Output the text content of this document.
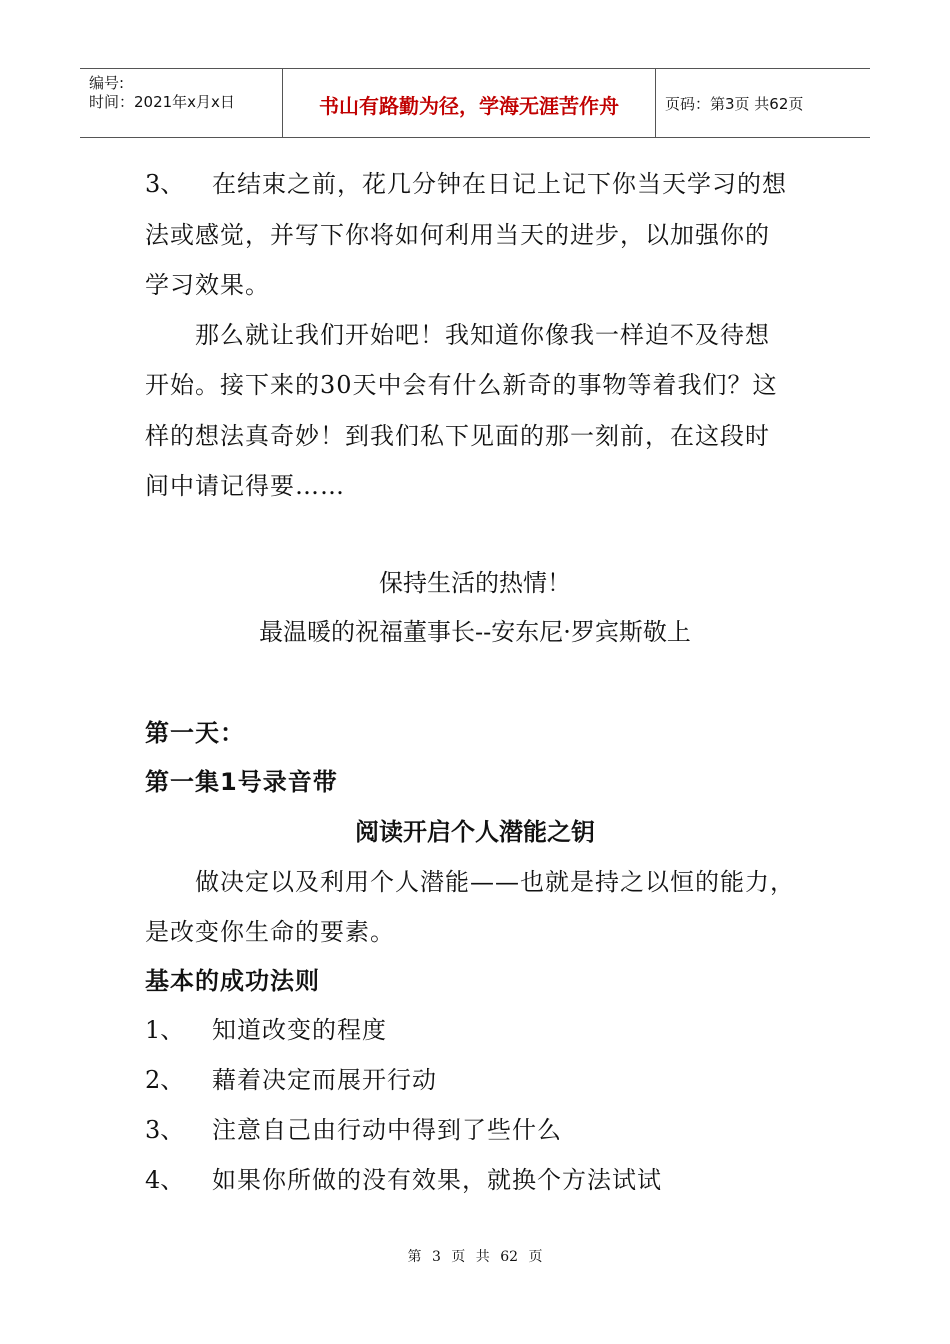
编号:
时间：2021年x月x日	书山有路勤为径，学海无涯苦作舟	页码：第3页 共62页
3、 在结束之前，花几分钟在日记上记下你当天学习的想
法或感觉，并写下你将如何利用当天的进步，以加强你的
学习效果。
那么就让我们开始吧！我知道你像我一样迫不及待想
开始。接下来的30天中会有什么新奇的事物等着我们？这
样的想法真奇妙！到我们私下见面的那一刻前，在这段时
间中请记得要……
保持生活的热情！
最温暖的祝福董事长--安东尼·罗宾斯敬上
第一天：
第一集1号录音带
阅读开启个人潜能之钥
做决定以及利用个人潜能——也就是持之以恒的能力，
是改变你生命的要素。
基本的成功法则
1、 知道改变的程度
2、 藉着决定而展开行动
3、 注意自己由行动中得到了些什么
4、 如果你所做的没有效果，就换个方法试试
第 3 页 共 62 页
